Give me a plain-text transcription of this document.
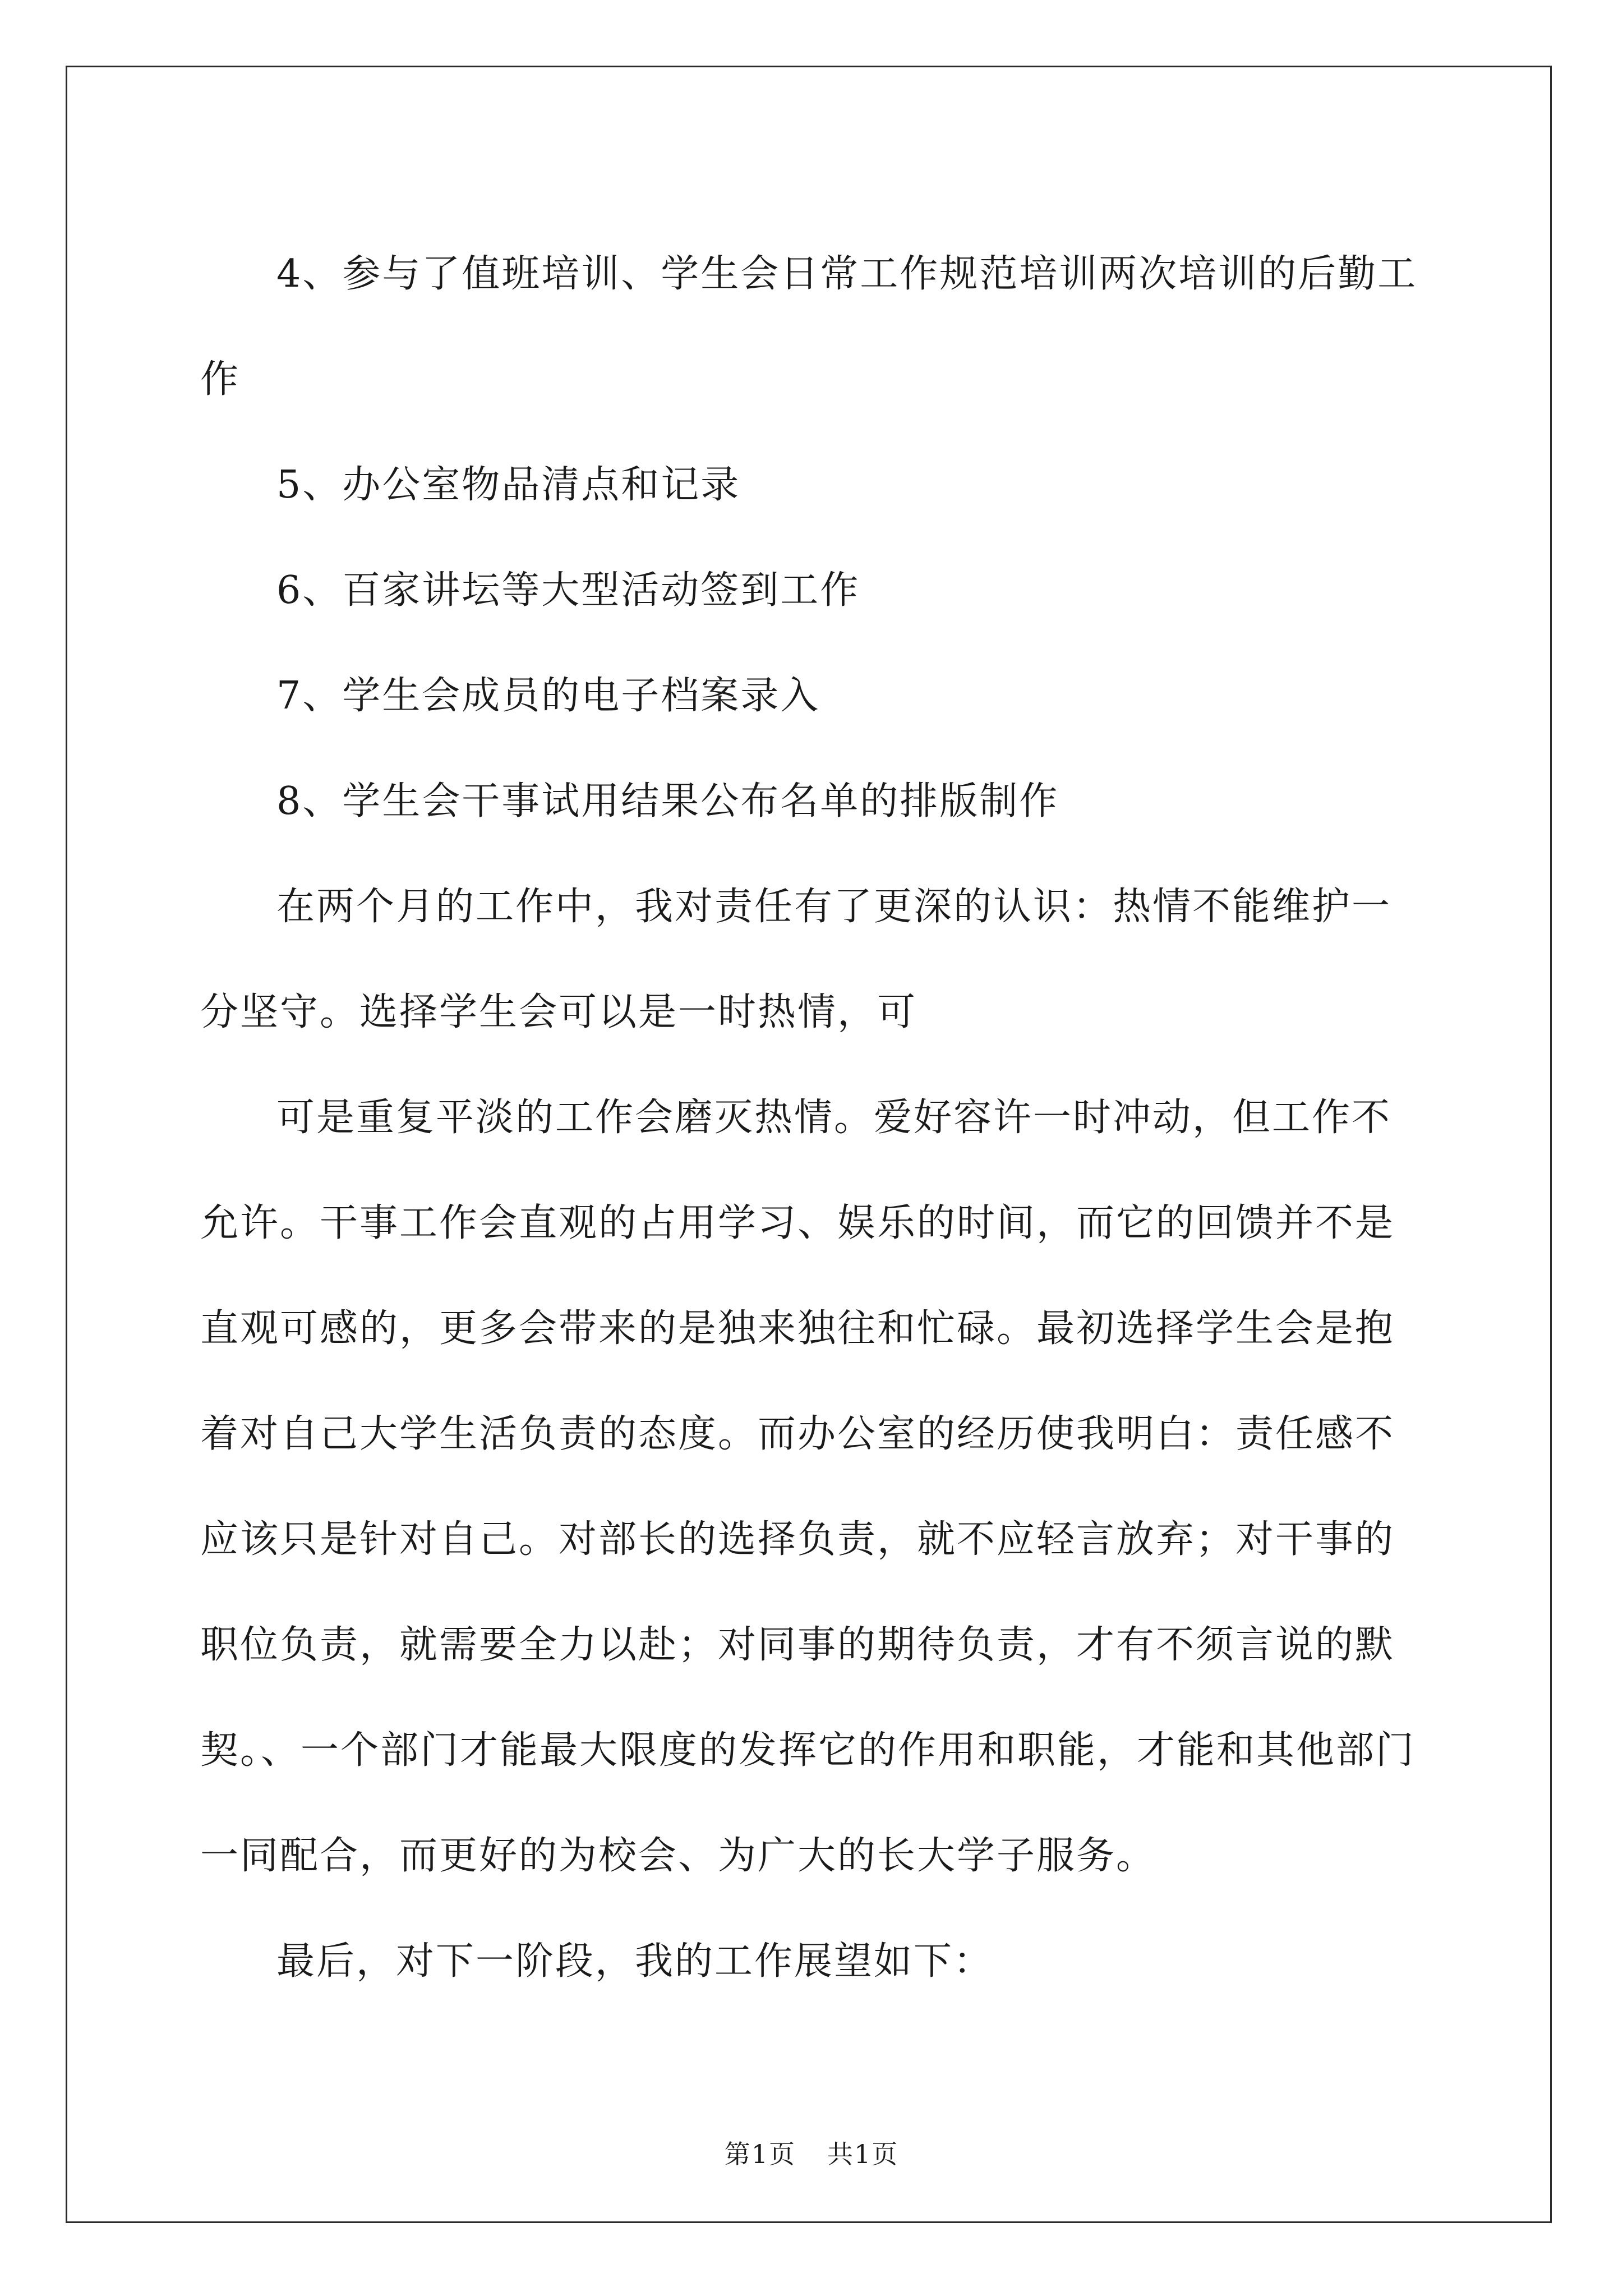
4、参与了值班培训、学生会日常工作规范培训两次培训的后勤工作

5、办公室物品清点和记录

6、百家讲坛等大型活动签到工作

7、学生会成员的电子档案录入

8、学生会干事试用结果公布名单的排版制作

在两个月的工作中，我对责任有了更深的认识：热情不能维护一分坚守。选择学生会可以是一时热情，可

可是重复平淡的工作会磨灭热情。爱好容许一时冲动，但工作不允许。干事工作会直观的占用学习、娱乐的时间，而它的回馈并不是直观可感的，更多会带来的是独来独往和忙碌。最初选择学生会是抱着对自己大学生活负责的态度。而办公室的经历使我明白：责任感不应该只是针对自己。对部长的选择负责，就不应轻言放弃；对干事的职位负责，就需要全力以赴；对同事的期待负责，才有不须言说的默契。、一个部门才能最大限度的发挥它的作用和职能，才能和其他部门一同配合，而更好的为校会、为广大的长大学子服务。

最后，对下一阶段，我的工作展望如下：

第1页 共1页
